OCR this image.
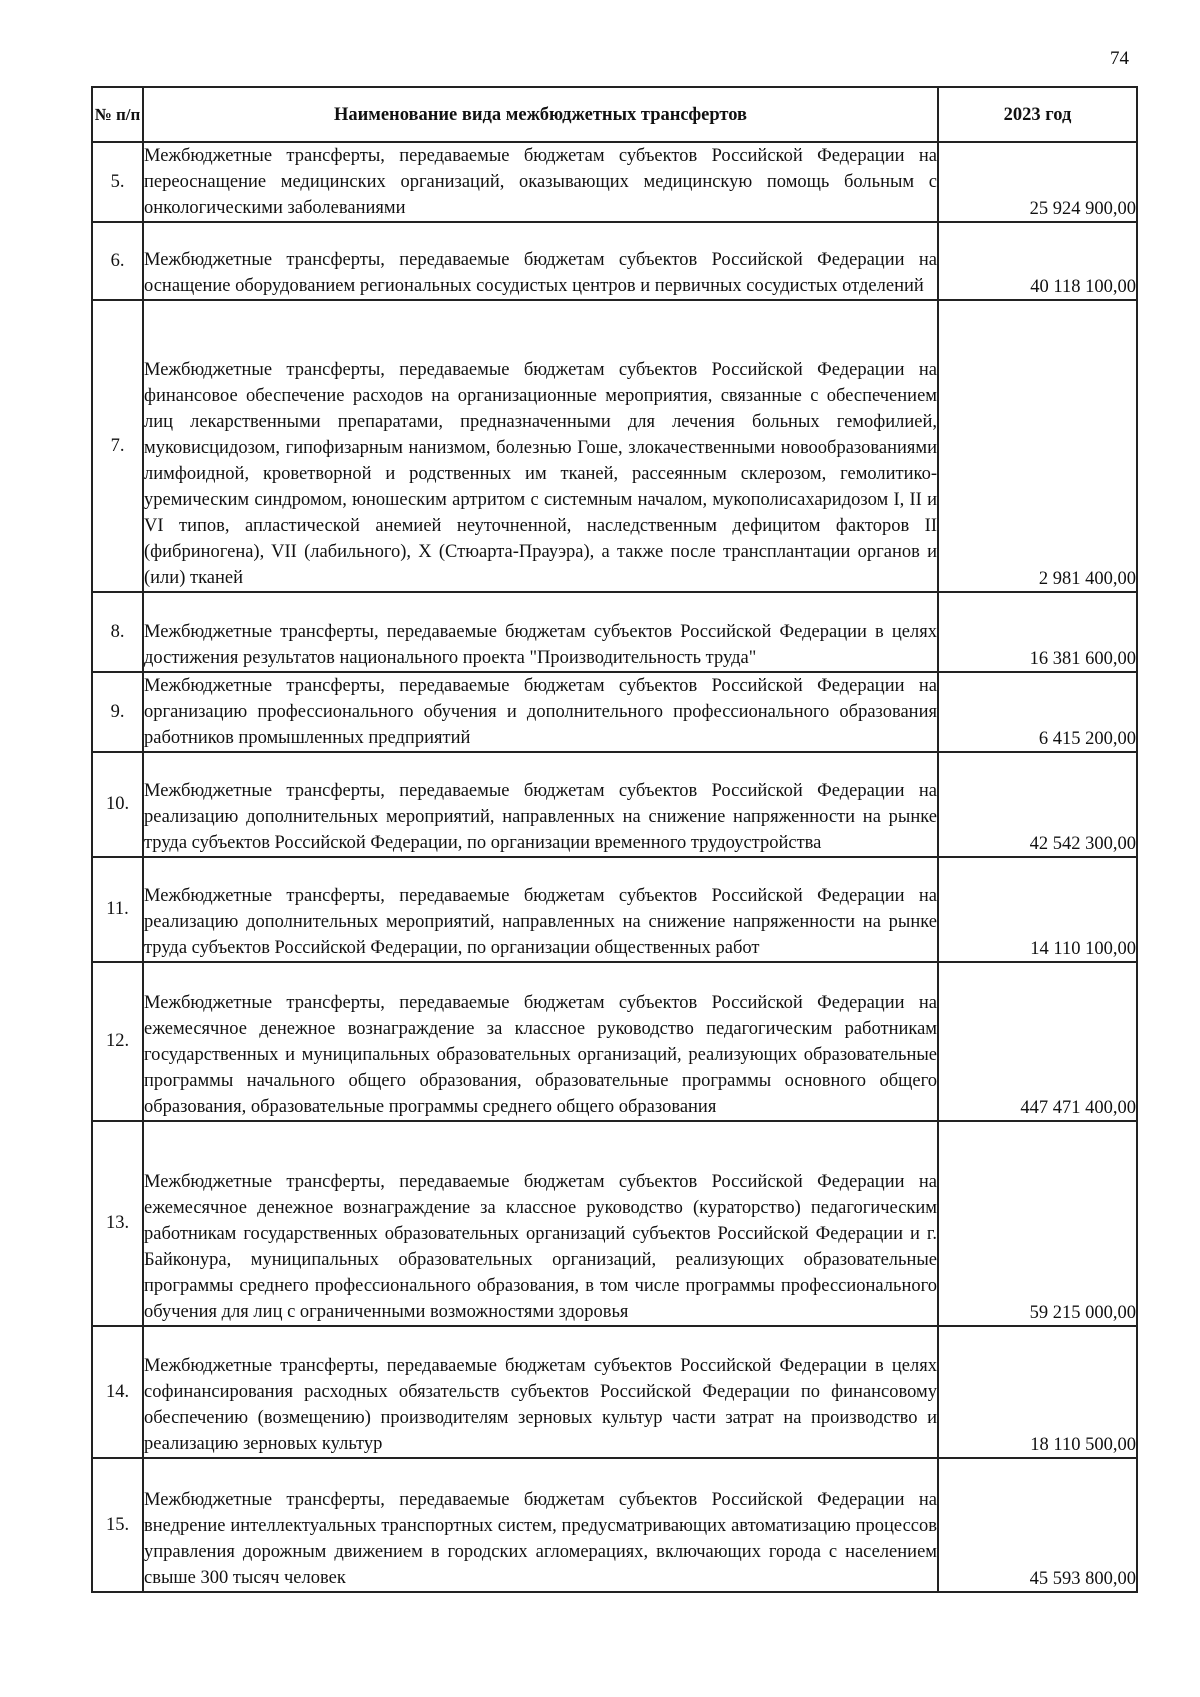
74
№ п/п	Наименование вида межбюджетных трансфертов	2023 год
5.	Межбюджетные трансферты, передаваемые бюджетам субъектов Российской Федерации на переоснащение медицинских организаций, оказывающих медицинскую помощь больным с онкологическими заболеваниями	25 924 900,00
6.	Межбюджетные трансферты, передаваемые бюджетам субъектов Российской Федерации на оснащение оборудованием региональных сосудистых центров и первичных сосудистых отделений	40 118 100,00
7.	Межбюджетные трансферты, передаваемые бюджетам субъектов Российской Федерации на финансовое обеспечение расходов на организационные мероприятия, связанные с обеспечением лиц лекарственными препаратами, предназначенными для лечения больных гемофилией, муковисцидозом, гипофизарным нанизмом, болезнью Гоше, злокачественными новообразованиями лимфоидной, кроветворной и родственных им тканей, рассеянным склерозом, гемолитико-уремическим синдромом, юношеским артритом с системным началом, мукополисахаридозом I, II и VI типов, апластической анемией неуточненной, наследственным дефицитом факторов II (фибриногена), VII (лабильного), X (Стюарта-Прауэра), а также после трансплантации органов и (или) тканей	2 981 400,00
8.	Межбюджетные трансферты, передаваемые бюджетам субъектов Российской Федерации в целях достижения результатов национального проекта "Производительность труда"	16 381 600,00
9.	Межбюджетные трансферты, передаваемые бюджетам субъектов Российской Федерации на организацию профессионального обучения и дополнительного профессионального образования работников промышленных предприятий	6 415 200,00
10.	Межбюджетные трансферты, передаваемые бюджетам субъектов Российской Федерации на реализацию дополнительных мероприятий, направленных на снижение напряженности на рынке труда субъектов Российской Федерации, по организации временного трудоустройства	42 542 300,00
11.	Межбюджетные трансферты, передаваемые бюджетам субъектов Российской Федерации на реализацию дополнительных мероприятий, направленных на снижение напряженности на рынке труда субъектов Российской Федерации, по организации общественных работ	14 110 100,00
12.	Межбюджетные трансферты, передаваемые бюджетам субъектов Российской Федерации на ежемесячное денежное вознаграждение за классное руководство педагогическим работникам государственных и муниципальных образовательных организаций, реализующих образовательные программы начального общего образования, образовательные программы основного общего образования, образовательные программы среднего общего образования	447 471 400,00
13.	Межбюджетные трансферты, передаваемые бюджетам субъектов Российской Федерации на ежемесячное денежное вознаграждение за классное руководство (кураторство) педагогическим работникам государственных образовательных организаций субъектов Российской Федерации и г. Байконура, муниципальных образовательных организаций, реализующих образовательные программы среднего профессионального образования, в том числе программы профессионального обучения для лиц с ограниченными возможностями здоровья	59 215 000,00
14.	Межбюджетные трансферты, передаваемые бюджетам субъектов Российской Федерации в целях софинансирования расходных обязательств субъектов Российской Федерации по финансовому обеспечению (возмещению) производителям зерновых культур части затрат на производство и реализацию зерновых культур	18 110 500,00
15.	Межбюджетные трансферты, передаваемые бюджетам субъектов Российской Федерации на внедрение интеллектуальных транспортных систем, предусматривающих автоматизацию процессов управления дорожным движением в городских агломерациях, включающих города с населением свыше 300 тысяч человек	45 593 800,00
